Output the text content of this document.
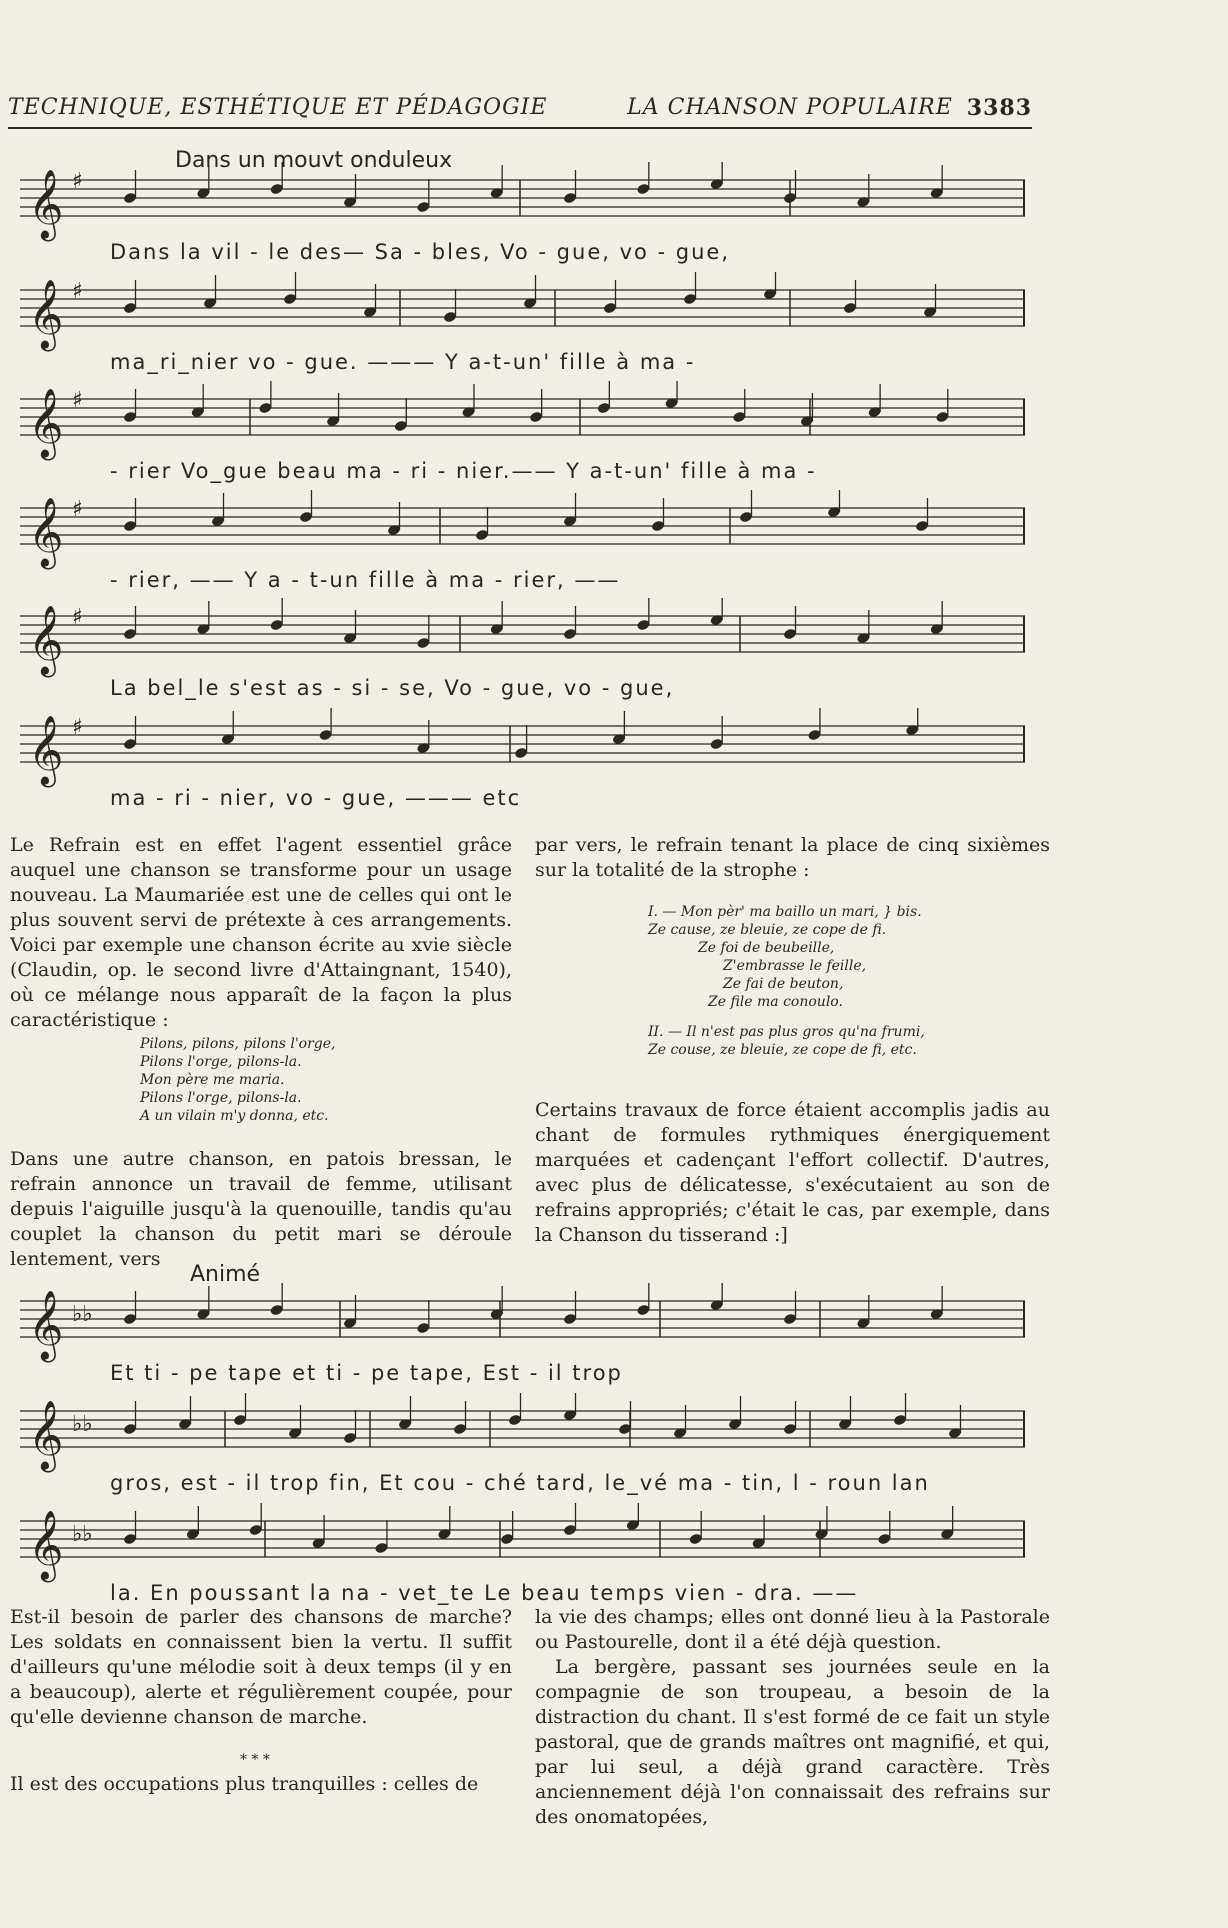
TECHNIQUE, ESTHÉTIQUE ET PÉDAGOGIE	LA CHANSON POPULAIRE 3383
Dans un mouvt onduleux
𝄞 ♯
Dans la vil - le des— Sa - bles, Vo - gue, vo - gue,
𝄞 ♯
ma_ri_nier vo - gue. ——— Y a-t-un' fille à ma -
𝄞 ♯
- rier Vo_gue beau ma - ri - nier.—— Y a-t-un' fille à ma -
𝄞 ♯
- rier, —— Y a - t-un fille à ma - rier, ——
𝄞 ♯
La bel_le s'est as - si - se, Vo - gue, vo - gue,
𝄞 ♯
ma - ri - nier, vo - gue, ——— etc

Le Refrain est en effet l'agent essentiel grâce auquel une chanson se transforme pour un usage nouveau. La Maumariée est une de celles qui ont le plus souvent servi de prétexte à ces arrangements. Voici par exemple une chanson écrite au xvie siècle (Claudin, op. le second livre d'Attaingnant, 1540), où ce mélange nous apparaît de la façon la plus caractéristique :

Pilons, pilons, pilons l'orge,
Pilons l'orge, pilons-la.
Mon père me maria.
Pilons l'orge, pilons-la.
A un vilain m'y donna, etc.

Dans une autre chanson, en patois bressan, le refrain annonce un travail de femme, utilisant depuis l'aiguille jusqu'à la quenouille, tandis qu'au couplet la chanson du petit mari se déroule lentement, vers

par vers, le refrain tenant la place de cinq sixièmes sur la totalité de la strophe :

I. — Mon pèr' ma baillo un mari, } bis.
Ze cause, ze bleuie, ze cope de fi.
Ze foi de beubeille,
Z'embrasse le feille,
Ze fai de beuton,
Ze file ma conoulo.
II. — Il n'est pas plus gros qu'na frumi,
Ze couse, ze bleuie, ze cope de fi, etc.

Certains travaux de force étaient accomplis jadis au chant de formules rythmiques énergiquement marquées et cadençant l'effort collectif. D'autres, avec plus de délicatesse, s'exécutaient au son de refrains appropriés; c'était le cas, par exemple, dans la Chanson du tisserand :]

Animé
𝄞 ♭♭
Et ti - pe tape et ti - pe tape, Est - il trop
𝄞 ♭♭
gros, est - il trop fin, Et cou - ché tard, le_vé ma - tin, l - roun lan
𝄞 ♭♭
la. En poussant la na - vet_te Le beau temps vien - dra. ——

Est-il besoin de parler des chansons de marche? Les soldats en connaissent bien la vertu. Il suffit d'ailleurs qu'une mélodie soit à deux temps (il y en a beaucoup), alerte et régulièrement coupée, pour qu'elle devienne chanson de marche.

* * *

Il est des occupations plus tranquilles : celles de

la vie des champs; elles ont donné lieu à la Pastorale ou Pastourelle, dont il a été déjà question.

La bergère, passant ses journées seule en la compagnie de son troupeau, a besoin de la distraction du chant. Il s'est formé de ce fait un style pastoral, que de grands maîtres ont magnifié, et qui, par lui seul, a déjà grand caractère. Très anciennement déjà l'on connaissait des refrains sur des onomatopées,
